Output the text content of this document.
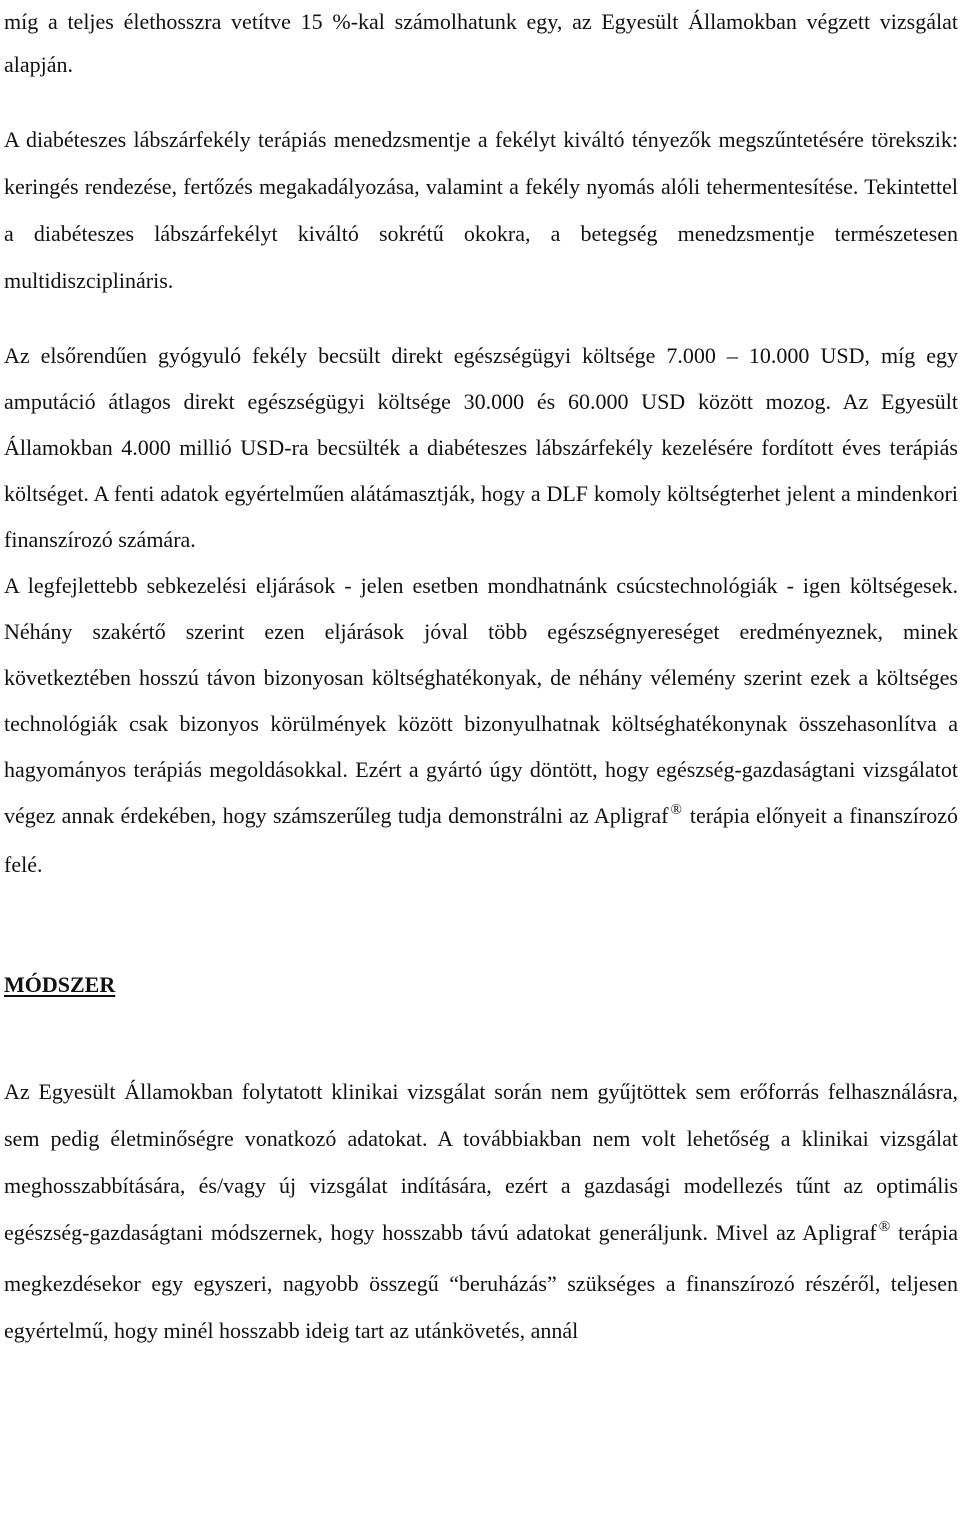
míg a teljes élethosszra vetítve 15 %-kal számolhatunk egy, az Egyesült Államokban végzett vizsgálat alapján.

A diabéteszes lábszárfekély terápiás menedzsmentje a fekélyt kiváltó tényezők megszűntetésére törekszik: keringés rendezése, fertőzés megakadályozása, valamint a fekély nyomás alóli tehermentesítése. Tekintettel a diabéteszes lábszárfekélyt kiváltó sokrétű okokra, a betegség menedzsmentje természetesen multidiszciplináris.

Az elsőrendűen gyógyuló fekély becsült direkt egészségügyi költsége 7.000 – 10.000 USD, míg egy amputáció átlagos direkt egészségügyi költsége 30.000 és 60.000 USD között mozog. Az Egyesült Államokban 4.000 millió USD-ra becsülték a diabéteszes lábszárfekély kezelésére fordított éves terápiás költséget. A fenti adatok egyértelműen alátámasztják, hogy a DLF komoly költségterhet jelent a mindenkori finanszírozó számára.

A legfejlettebb sebkezelési eljárások - jelen esetben mondhatnánk csúcstechnológiák - igen költségesek. Néhány szakértő szerint ezen eljárások jóval több egészségnyereséget eredményeznek, minek következtében hosszú távon bizonyosan költséghatékonyak, de néhány vélemény szerint ezek a költséges technológiák csak bizonyos körülmények között bizonyulhatnak költséghatékonynak összehasonlítva a hagyományos terápiás megoldásokkal. Ezért a gyártó úgy döntött, hogy egészség-gazdaságtani vizsgálatot végez annak érdekében, hogy számszerűleg tudja demonstrálni az Apligraf ® terápia előnyeit a finanszírozó felé.

MÓDSZER

Az Egyesült Államokban folytatott klinikai vizsgálat során nem gyűjtöttek sem erőforrás felhasználásra, sem pedig életminőségre vonatkozó adatokat. A továbbiakban nem volt lehetőség a klinikai vizsgálat meghosszabbítására, és/vagy új vizsgálat indítására, ezért a gazdasági modellezés tűnt az optimális egészség-gazdaságtani módszernek, hogy hosszabb távú adatokat generáljunk. Mivel az Apligraf ® terápia megkezdésekor egy egyszeri, nagyobb összegű “beruházás” szükséges a finanszírozó részéről, teljesen egyértelmű, hogy minél hosszabb ideig tart az utánkövetés, annál
